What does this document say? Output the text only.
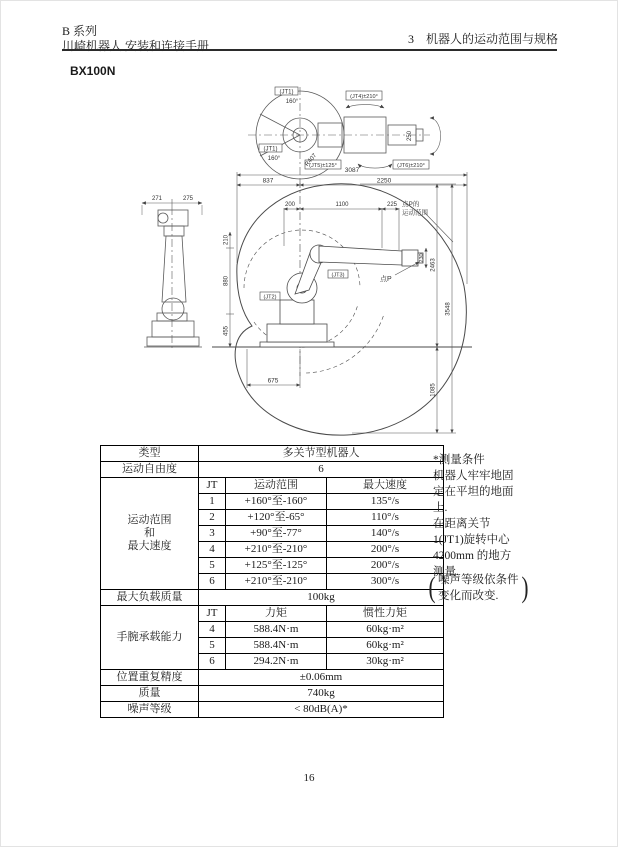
B 系列
川崎机器人 安装和连接手册	3　机器人的运动范围与规格
BX100N
(JT1)
160°
(JT1)
160°
(JT4)±210°
(JT5)±125°	(JT6)±210°
R407
250
271	275
3087
837	2250
200	1100	225
2463
1085
3548
210
880
455
675
230
(JT2)
(JT3)
点P的
运动范围
点P
类型	多关节型机器人		
运动自由度	6		

运动范围
和
最大速度	JT	运动范围	最大速度
	1	+160°至-160°	135°/s
	2	+120°至-65°	110°/s
	3	+90°至-77°	140°/s
	4	+210°至-210°	200°/s
	5	+125°至-125°	200°/s
	6	+210°至-210°	300°/s
最大负载质量	100kg		
手腕承载能力	JT	力矩	惯性力矩
	4	588.4N·m	60kg·m²
	5	588.4N·m	60kg·m²
	6	294.2N·m	30kg·m²
位置重复精度	±0.06mm		
质量	740kg		
噪声等级	< 80dB(A)*		
*测量条件
机器人牢牢地固
定在平坦的地面
上.
在距离关节
1(JT1)旋转中心
4200mm 的地方
测量.
( 噪声等级依条件
变化而改变. )
16
